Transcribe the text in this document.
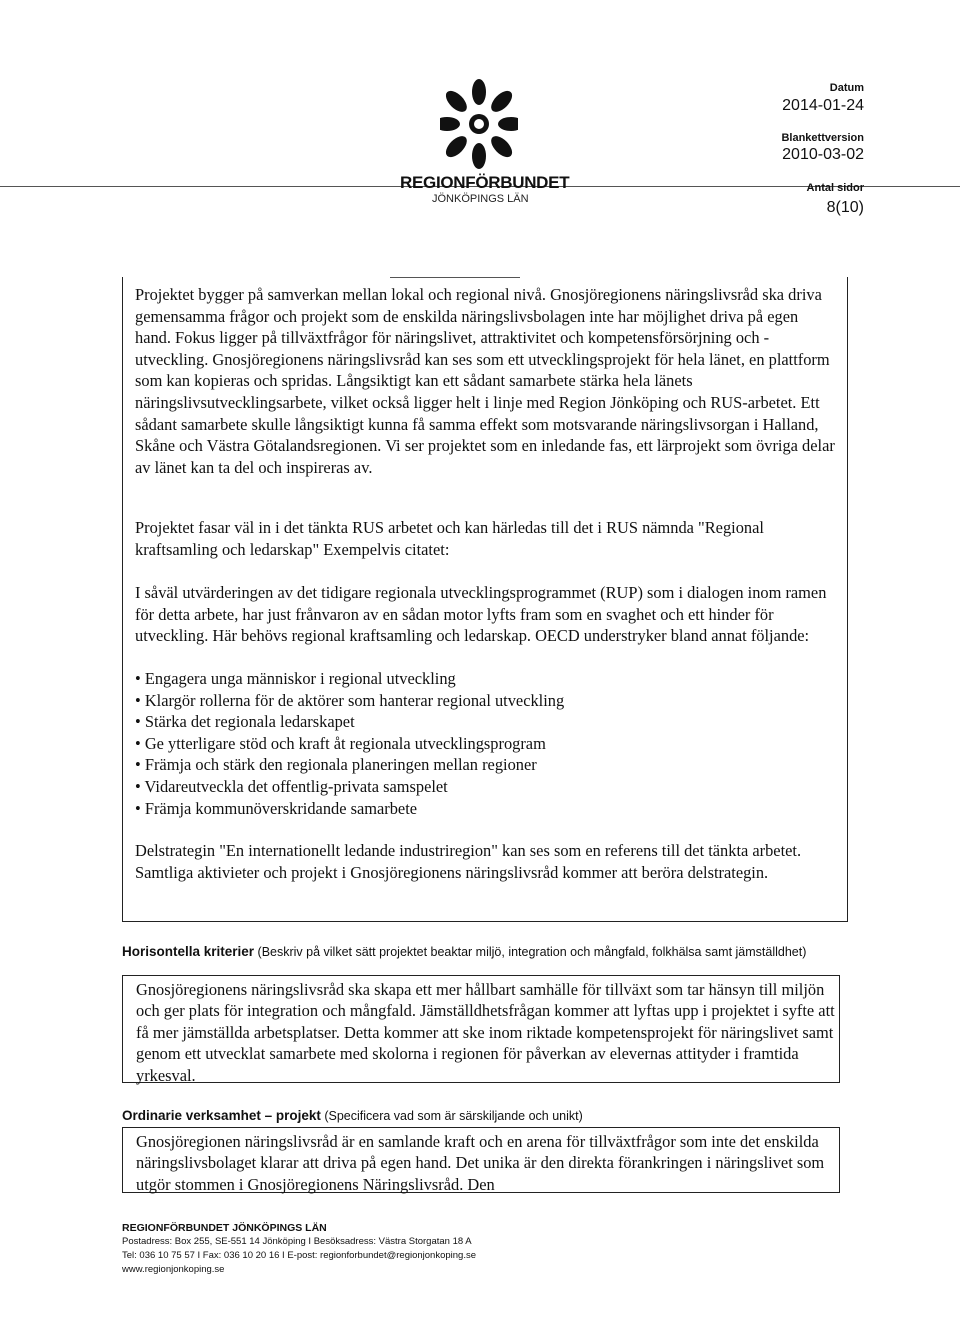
REGIONFÖRBUNDET
JÖNKÖPINGS LÄN
Datum
2014-01-24
Blankettversion
2010-03-02
Antal sidor
8(10)

Projektet bygger på samverkan mellan lokal och regional nivå. Gnosjöregionens näringslivsråd ska driva gemensamma frågor och projekt som de enskilda näringslivsbolagen inte har möjlighet driva på egen hand. Fokus ligger på tillväxtfrågor för näringslivet, attraktivitet och kompetensförsörjning och -utveckling. Gnosjöregionens näringslivsråd kan ses som ett utvecklingsprojekt för hela länet, en plattform som kan kopieras och spridas. Långsiktigt kan ett sådant samarbete stärka hela länets näringslivsutvecklingsarbete, vilket också ligger helt i linje med Region Jönköping och RUS-arbetet. Ett sådant samarbete skulle långsiktigt kunna få samma effekt som motsvarande näringslivsorgan i Halland, Skåne och Västra Götalandsregionen. Vi ser projektet som en inledande fas, ett lärprojekt som övriga delar av länet kan ta del och inspireras av.

Projektet fasar väl in i det tänkta RUS arbetet och kan härledas till det i RUS nämnda "Regional kraftsamling och ledarskap" Exempelvis citatet:

I såväl utvärderingen av det tidigare regionala utvecklingsprogrammet (RUP) som i dialogen inom ramen för detta arbete, har just frånvaron av en sådan motor lyfts fram som en svaghet och ett hinder för utveckling. Här behövs regional kraftsamling och ledarskap. OECD understryker bland annat följande:

• Engagera unga människor i regional utveckling
• Klargör rollerna för de aktörer som hanterar regional utveckling
• Stärka det regionala ledarskapet
• Ge ytterligare stöd och kraft åt regionala utvecklingsprogram
• Främja och stärk den regionala planeringen mellan regioner
• Vidareutveckla det offentlig-privata samspelet
• Främja kommunöverskridande samarbete

Delstrategin "En internationellt ledande industriregion" kan ses som en referens till det tänkta arbetet. Samtliga aktivieter och projekt i Gnosjöregionens näringslivsråd kommer att beröra delstrategin.

Horisontella kriterier (Beskriv på vilket sätt projektet beaktar miljö, integration och mångfald, folkhälsa samt jämställdhet)

Gnosjöregionens näringslivsråd ska skapa ett mer hållbart samhälle för tillväxt som tar hänsyn till miljön och ger plats för integration och mångfald. Jämställdhetsfrågan kommer att lyftas upp i projektet i syfte att få mer jämställda arbetsplatser. Detta kommer att ske inom riktade kompetensprojekt för näringslivet samt genom ett utvecklat samarbete med skolorna i regionen för påverkan av elevernas attityder i framtida yrkesval.

Ordinarie verksamhet – projekt (Specificera vad som är särskiljande och unikt)

Gnosjöregionen näringslivsråd är en samlande kraft och en arena för tillväxtfrågor som inte det enskilda näringslivsbolaget klarar att driva på egen hand. Det unika är den direkta förankringen i näringslivet som utgör stommen i Gnosjöregionens Näringslivsråd. Den

REGIONFÖRBUNDET JÖNKÖPINGS LÄN
Postadress: Box 255, SE-551 14 Jönköping I Besöksadress: Västra Storgatan 18 A
Tel: 036 10 75 57 I Fax: 036 10 20 16 I E-post: regionforbundet@regionjonkoping.se
www.regionjonkoping.se
